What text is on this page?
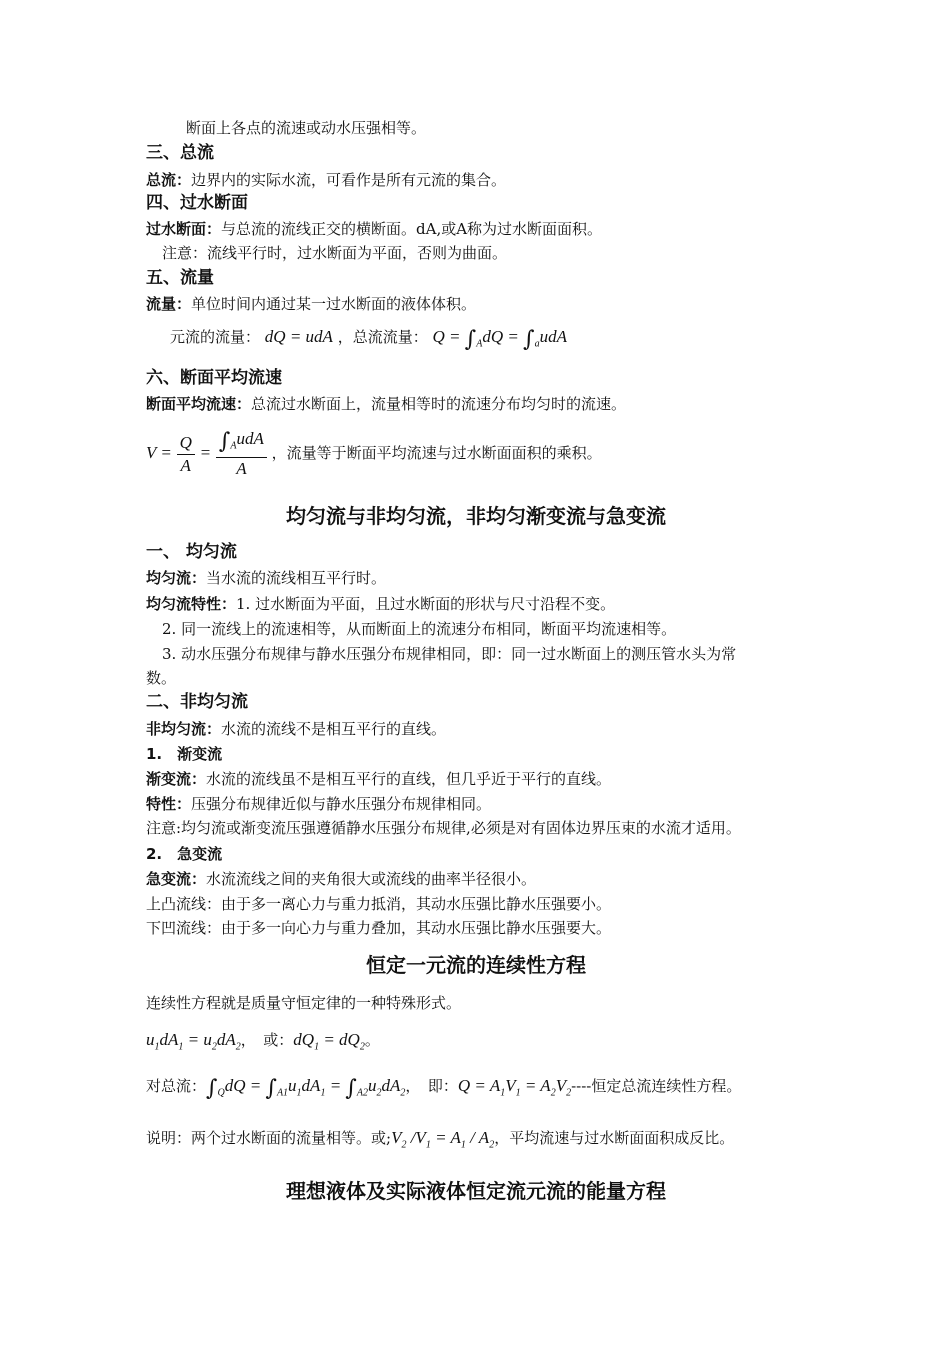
断面上各点的流速或动水压强相等。
三、总流
总流：边界内的实际水流，可看作是所有元流的集合。
四、过水断面
过水断面：与总流的流线正交的横断面。dA,或A称为过水断面面积。
注意：流线平行时，过水断面为平面，否则为曲面。
五、流量
流量：单位时间内通过某一过水断面的液体体积。
元流的流量： dQ = udA ，总流流量： $Q = \int_AdQ = \int_audA$
六、断面平均流速
断面平均流速：总流过水断面上，流量相等时的流速分布均匀时的流速。
$V = \frac{Q}{A} = \frac{\int_AudA}{A}$ ，流量等于断面平均流速与过水断面面积的乘积。
均匀流与非均匀流，非均匀渐变流与急变流
一、 均匀流
均匀流：当水流的流线相互平行时。
均匀流特性：1. 过水断面为平面，且过水断面的形状与尺寸沿程不变。
2. 同一流线上的流速相等，从而断面上的流速分布相同，断面平均流速相等。
3. 动水压强分布规律与静水压强分布规律相同，即：同一过水断面上的测压管水头为常
数。
二、非均匀流
非均匀流：水流的流线不是相互平行的直线。
1.　渐变流
渐变流：水流的流线虽不是相互平行的直线，但几乎近于平行的直线。
特性：压强分布规律近似与静水压强分布规律相同。
注意:均匀流或渐变流压强遵循静水压强分布规律,必须是对有固体边界压束的水流才适用。
2.　急变流
急变流：水流流线之间的夹角很大或流线的曲率半径很小。
上凸流线：由于多一离心力与重力抵消，其动水压强比静水压强要小。
下凹流线：由于多一向心力与重力叠加，其动水压强比静水压强要大。
恒定一元流的连续性方程
连续性方程就是质量守恒定律的一种特殊形式。
$u_1dA_1 = u_2dA_2$，　或：$dQ_1 = dQ_2$。
对总流：$\int_QdQ = \int_{A1}u_1dA_1 = \int_{A2}u_2dA_2$，　即：$Q = A_1V_1 = A_2V_2----$恒定总流连续性方程。
说明：两个过水断面的流量相等。或$;V_2$ $/V_1 = A_1 / A_2$，平均流速与过水断面面积成反比。
理想液体及实际液体恒定流元流的能量方程
